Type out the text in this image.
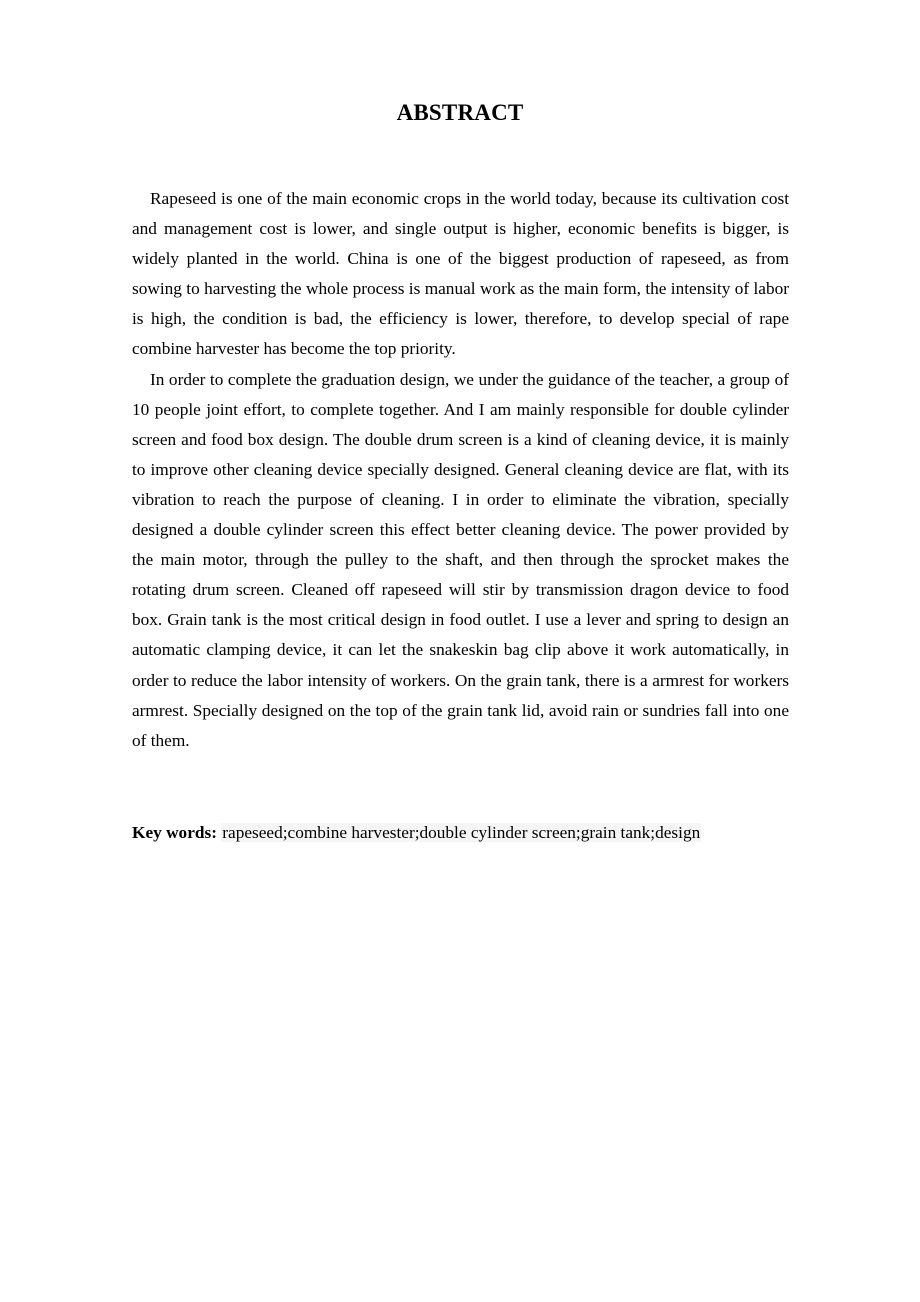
ABSTRACT

Rapeseed is one of the main economic crops in the world today, because its cultivation cost and management cost is lower, and single output is higher, economic benefits is bigger, is widely planted in the world. China is one of the biggest production of rapeseed, as from sowing to harvesting the whole process is manual work as the main form, the intensity of labor is high, the condition is bad, the efficiency is lower, therefore, to develop special of rape combine harvester has become the top priority.

In order to complete the graduation design, we under the guidance of the teacher, a group of 10 people joint effort, to complete together. And I am mainly responsible for double cylinder screen and food box design. The double drum screen is a kind of cleaning device, it is mainly to improve other cleaning device specially designed. General cleaning device are flat, with its vibration to reach the purpose of cleaning. I in order to eliminate the vibration, specially designed a double cylinder screen this effect better cleaning device. The power provided by the main motor, through the pulley to the shaft, and then through the sprocket makes the rotating drum screen. Cleaned off rapeseed will stir by transmission dragon device to food box. Grain tank is the most critical design in food outlet. I use a lever and spring to design an automatic clamping device, it can let the snakeskin bag clip above it work automatically, in order to reduce the labor intensity of workers. On the grain tank, there is a armrest for workers armrest. Specially designed on the top of the grain tank lid, avoid rain or sundries fall into one of them.

Key words: rapeseed;combine harvester;double cylinder screen;grain tank;design
